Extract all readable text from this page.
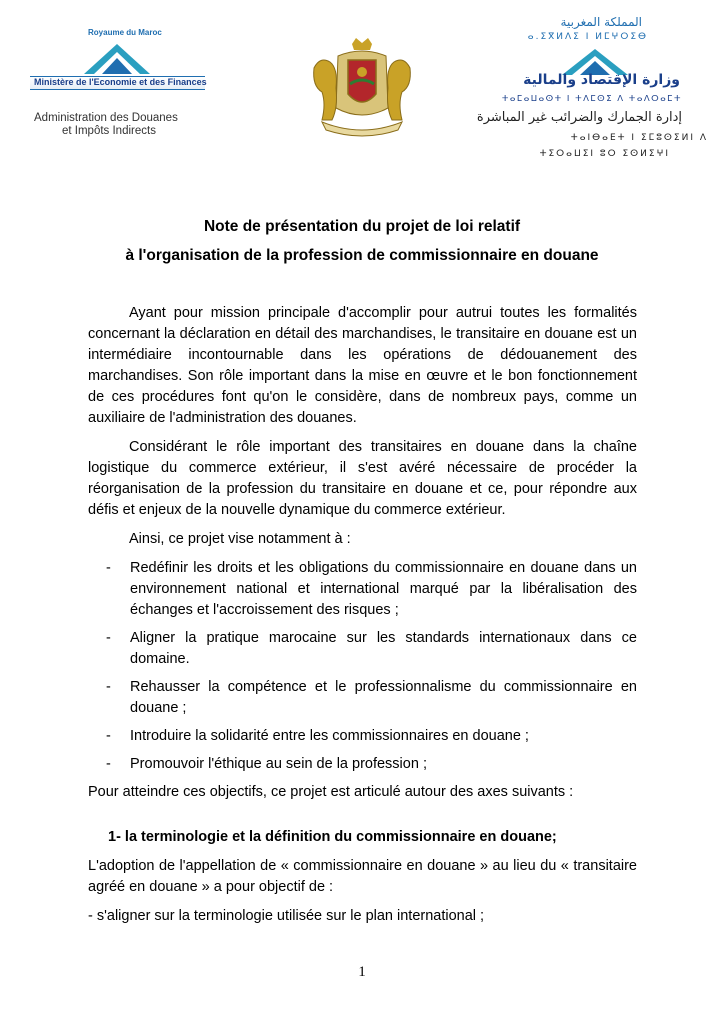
Royaume du Maroc
Ministère de l'Economie et des Finances
Administration des Douanes
et Impôts Indirects
المملكة المغربية
ⴰ.ⵉⴳⵍⴷⵉ ⵏ ⵍⵎⵖⵔⵉⴱ
وزارة الإقتصاد والمالية
ⵜⴰⵎⴰⵡⴰⵙⵜ ⵏ ⵜⴷⵎⵙⵉ ⴷ ⵜⴰⴷⵔⴰⵎⵜ
إدارة الجمارك والضرائب غير المباشرة
ⵜⴰⵏⴱⴰⴹⵜ ⵏ ⵉⵎⵓⵙⵉⵍⵏ ⴷ
ⵜⵉⵔⴰⵡⵉⵏ ⵓⵔ ⵉⵙⵍⵉⵖⵏ
Note de présentation du projet de loi relatif
à l'organisation de la profession de commissionnaire en douane

Ayant pour mission principale d'accomplir pour autrui toutes les formalités concernant la déclaration en détail des marchandises, le transitaire en douane est un intermédiaire incontournable dans les opérations de dédouanement des marchandises. Son rôle important dans la mise en œuvre et le bon fonctionnement de ces procédures font qu'on le considère, dans de nombreux pays, comme un auxiliaire de l'administration des douanes.

Considérant le rôle important des transitaires en douane dans la chaîne logistique du commerce extérieur, il s'est avéré nécessaire de procéder la réorganisation de la profession du transitaire en douane et ce, pour répondre aux défis et enjeux de la nouvelle dynamique du commerce extérieur.

Ainsi, ce projet vise notamment à :

- Redéfinir les droits et les obligations du commissionnaire en douane dans un environnement national et international marqué par la libéralisation des échanges et l'accroissement des risques ;
- Aligner la pratique marocaine sur les standards internationaux dans ce domaine.
- Rehausser la compétence et le professionnalisme du commissionnaire en douane ;
- Introduire la solidarité entre les commissionnaires en douane ;
- Promouvoir l'éthique au sein de la profession ;

Pour atteindre ces objectifs, ce projet est articulé autour des axes suivants :

1- la terminologie et la définition du commissionnaire en douane;

L'adoption de l'appellation de « commissionnaire en douane » au lieu du « transitaire agréé en douane » a pour objectif de :

- s'aligner sur la terminologie utilisée sur le plan international ;

1
